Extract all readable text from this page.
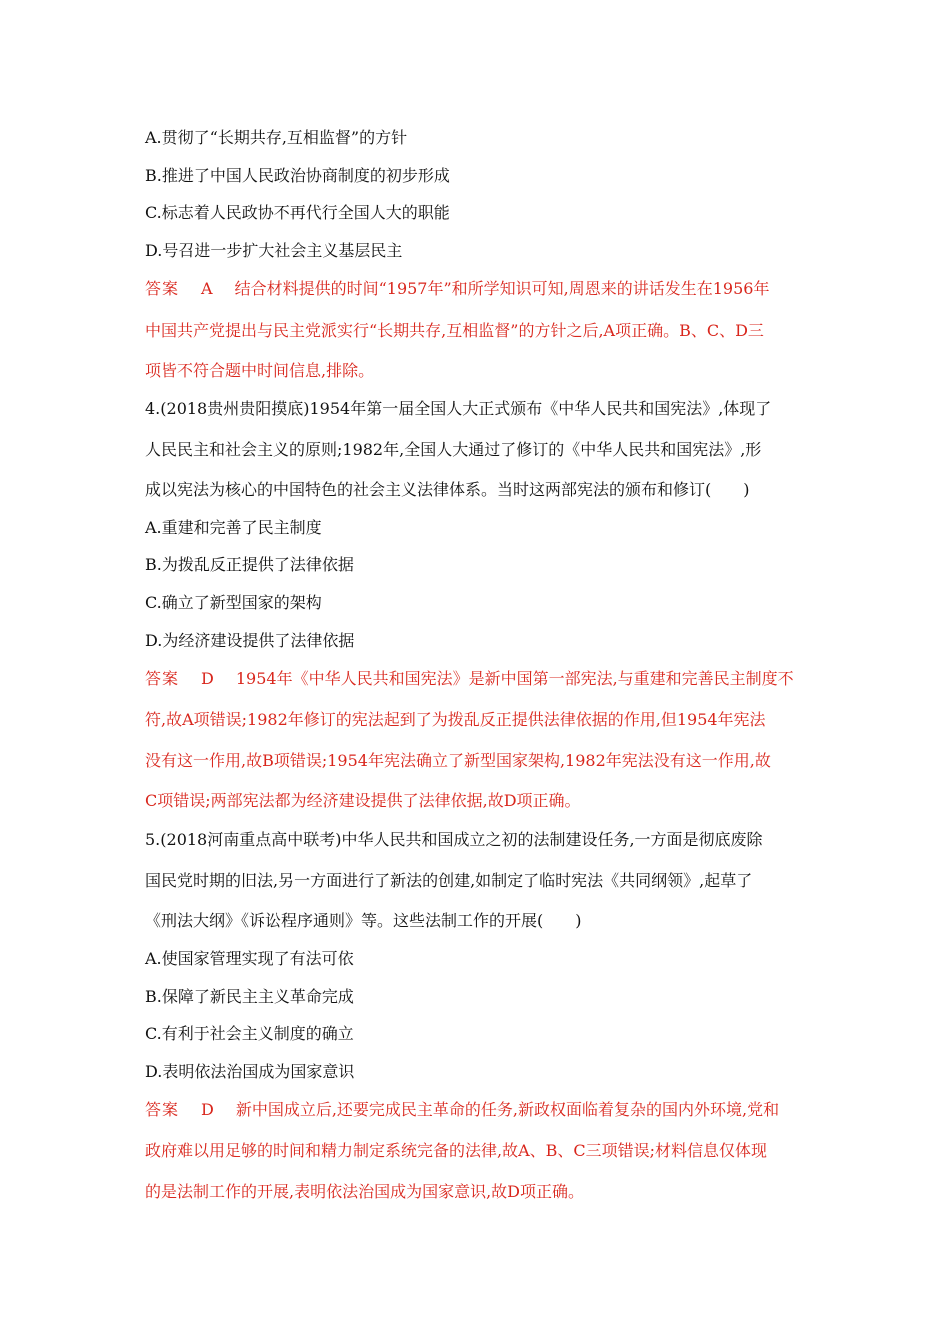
A.贯彻了“长期共存,互相监督”的方针
B.推进了中国人民政治协商制度的初步形成
C.标志着人民政协不再代行全国人大的职能
D.号召进一步扩大社会主义基层民主
答案 A 结合材料提供的时间“1957年”和所学知识可知,周恩来的讲话发生在1956年
中国共产党提出与民主党派实行“长期共存,互相监督”的方针之后,A项正确。B、C、D三
项皆不符合题中时间信息,排除。
4.(2018贵州贵阳摸底)1954年第一届全国人大正式颁布《中华人民共和国宪法》,体现了
人民民主和社会主义的原则;1982年,全国人大通过了修订的《中华人民共和国宪法》,形
成以宪法为核心的中国特色的社会主义法律体系。当时这两部宪法的颁布和修订(　　)
A.重建和完善了民主制度
B.为拨乱反正提供了法律依据
C.确立了新型国家的架构
D.为经济建设提供了法律依据
答案 D 1954年《中华人民共和国宪法》是新中国第一部宪法,与重建和完善民主制度不
符,故A项错误;1982年修订的宪法起到了为拨乱反正提供法律依据的作用,但1954年宪法
没有这一作用,故B项错误;1954年宪法确立了新型国家架构,1982年宪法没有这一作用,故
C项错误;两部宪法都为经济建设提供了法律依据,故D项正确。
5.(2018河南重点高中联考)中华人民共和国成立之初的法制建设任务,一方面是彻底废除
国民党时期的旧法,另一方面进行了新法的创建,如制定了临时宪法《共同纲领》,起草了
《刑法大纲》《诉讼程序通则》等。这些法制工作的开展(　　)
A.使国家管理实现了有法可依
B.保障了新民主主义革命完成
C.有利于社会主义制度的确立
D.表明依法治国成为国家意识
答案 D 新中国成立后,还要完成民主革命的任务,新政权面临着复杂的国内外环境,党和
政府难以用足够的时间和精力制定系统完备的法律,故A、B、C三项错误;材料信息仅体现
的是法制工作的开展,表明依法治国成为国家意识,故D项正确。
